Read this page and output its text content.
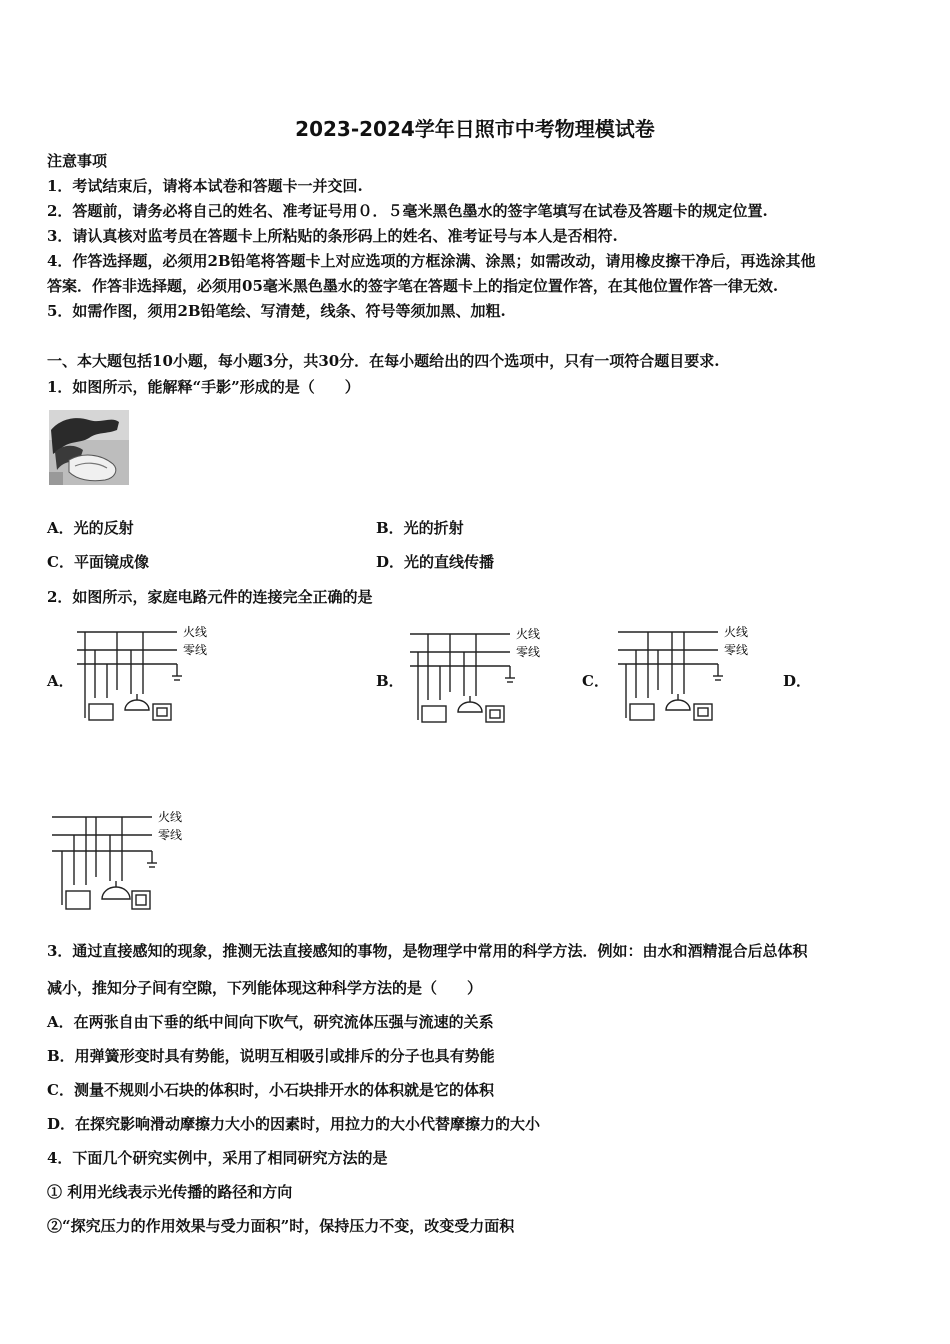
2023-2024学年日照市中考物理模试卷
注意事项
1．考试结束后，请将本试卷和答题卡一并交回.
2．答题前，请务必将自己的姓名、准考证号用０．５毫米黑色墨水的签字笔填写在试卷及答题卡的规定位置.
3．请认真核对监考员在答题卡上所粘贴的条形码上的姓名、准考证号与本人是否相符.
4．作答选择题，必须用2B铅笔将答题卡上对应选项的方框涂满、涂黑；如需改动，请用橡皮擦干净后，再选涂其他
答案．作答非选择题，必须用05毫米黑色墨水的签字笔在答题卡上的指定位置作答，在其他位置作答一律无效.
5．如需作图，须用2B铅笔绘、写清楚，线条、符号等须加黑、加粗.
一、本大题包括10小题，每小题3分，共30分．在每小题给出的四个选项中，只有一项符合题目要求.
1．如图所示，能解释“手影”形成的是（　　）
A．光的反射	B．光的折射
C．平面镜成像	D．光的直线传播
2．如图所示，家庭电路元件的连接完全正确的是
A．	B．	C．	D．
火线
零线
火线
零线
火线
零线
火线
零线
3．通过直接感知的现象，推测无法直接感知的事物，是物理学中常用的科学方法．例如：由水和酒精混合后总体积
减小，推知分子间有空隙，下列能体现这种科学方法的是（　　）
A．在两张自由下垂的纸中间向下吹气，研究流体压强与流速的关系
B．用弹簧形变时具有势能，说明互相吸引或排斥的分子也具有势能
C．测量不规则小石块的体积时，小石块排开水的体积就是它的体积
D．在探究影响滑动摩擦力大小的因素时，用拉力的大小代替摩擦力的大小
4．下面几个研究实例中，采用了相同研究方法的是
① 利用光线表示光传播的路径和方向
②“探究压力的作用效果与受力面积”时，保持压力不变，改变受力面积
